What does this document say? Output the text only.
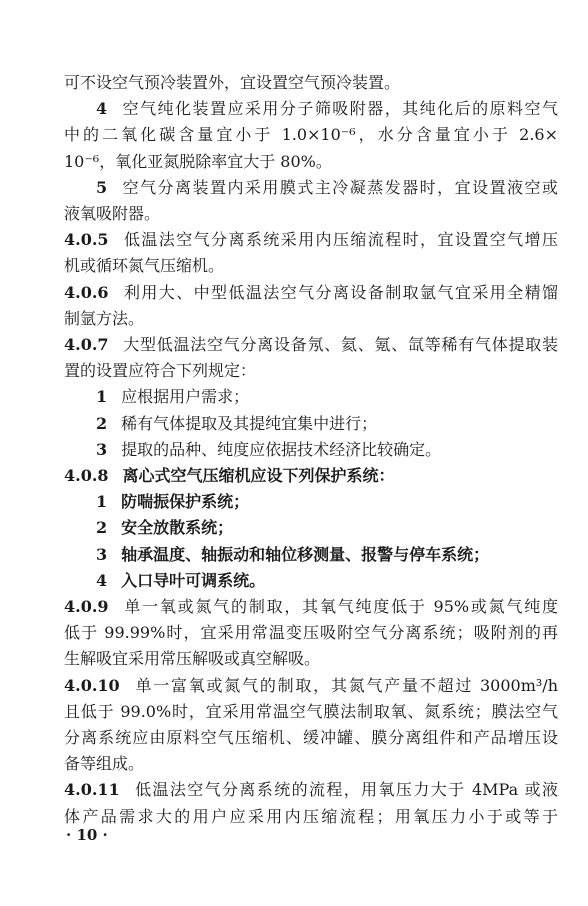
可不设空气预冷装置外，宜设置空气预冷装置。
4 空气纯化装置应采用分子筛吸附器，其纯化后的原料空气
中的二氧化碳含量宜小于 1.0×10⁻⁶，水分含量宜小于 2.6×
10⁻⁶，氧化亚氮脱除率宜大于 80%。
5 空气分离装置内采用膜式主冷凝蒸发器时，宜设置液空或
液氧吸附器。
4.0.5 低温法空气分离系统采用内压缩流程时，宜设置空气增压
机或循环氮气压缩机。
4.0.6 利用大、中型低温法空气分离设备制取氩气宜采用全精馏
制氩方法。
4.0.7 大型低温法空气分离设备氖、氦、氪、氙等稀有气体提取装
置的设置应符合下列规定：
1 应根据用户需求；
2 稀有气体提取及其提纯宜集中进行；
3 提取的品种、纯度应依据技术经济比较确定。
4.0.8 离心式空气压缩机应设下列保护系统：
1 防喘振保护系统；
2 安全放散系统；
3 轴承温度、轴振动和轴位移测量、报警与停车系统；
4 入口导叶可调系统。
4.0.9 单一氧或氮气的制取，其氧气纯度低于 95%或氮气纯度
低于 99.99%时，宜采用常温变压吸附空气分离系统；吸附剂的再
生解吸宜采用常压解吸或真空解吸。
4.0.10 单一富氧或氮气的制取，其氮气产量不超过 3000m³/h
且低于 99.0%时，宜采用常温空气膜法制取氧、氮系统；膜法空气
分离系统应由原料空气压缩机、缓冲罐、膜分离组件和产品增压设
备等组成。
4.0.11 低温法空气分离系统的流程，用氧压力大于 4MPa 或液
体产品需求大的用户应采用内压缩流程；用氧压力小于或等于
· 10 ·
